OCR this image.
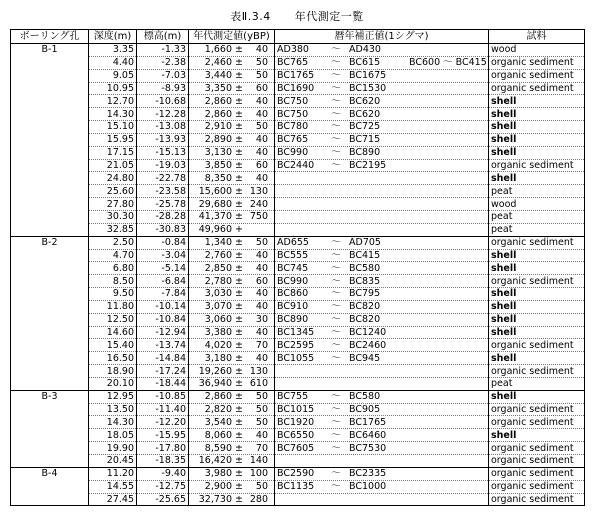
表Ⅱ.3.4 年代測定一覧
ボーリング孔	深度(m)	標高(m)	年代測定値(yBP)	暦年補正値(1シグマ)	試料
B-1	3.35	-1.33	1,660 ± 40	AD380 ～ AD430	wood
	4.40	-2.38	2,460 ± 50	BC765 ～ BC615 BC600 ～ BC415	organic sediment
	9.05	-7.03	3,440 ± 50	BC1765 ～ BC1675	organic sediment
	10.95	-8.93	3,350 ± 60	BC1690 ～ BC1530	organic sediment
	12.70	-10.68	2,860 ± 40	BC750 ～ BC620	shell
	14.30	-12.28	2,860 ± 40	BC750 ～ BC620	shell
	15.10	-13.08	2,910 ± 50	BC780 ～ BC725	shell
	15.95	-13.93	2,890 ± 40	BC765 ～ BC715	shell
	17.15	-15.13	3,130 ± 40	BC990 ～ BC890	shell
	21.05	-19.03	3,850 ± 60	BC2440 ～ BC2195	organic sediment
	24.80	-22.78	8,350 ± 40		shell
	25.60	-23.58	15,600 ± 130		peat
	27.80	-25.78	29,680 ± 240		wood
	30.30	-28.28	41,370 ± 750		peat
	32.85	-30.83	49,960 +		peat
B-2	2.50	-0.84	1,340 ± 50	AD655 ～ AD705	organic sediment
	4.70	-3.04	2,760 ± 40	BC555 ～ BC415	shell
	6.80	-5.14	2,850 ± 40	BC745 ～ BC580	shell
	8.50	-6.84	2,780 ± 60	BC990 ～ BC835	organic sediment
	9.50	-7.84	3,030 ± 40	BC860 ～ BC795	shell
	11.80	-10.14	3,070 ± 40	BC910 ～ BC820	shell
	12.50	-10.84	3,060 ± 30	BC890 ～ BC820	shell
	14.60	-12.94	3,380 ± 40	BC1345 ～ BC1240	shell
	15.40	-13.74	4,020 ± 70	BC2595 ～ BC2460	organic sediment
	16.50	-14.84	3,180 ± 40	BC1055 ～ BC945	shell
	18.90	-17.24	19,260 ± 130		organic sediment
	20.10	-18.44	36,940 ± 610		peat
B-3	12.95	-10.85	2,860 ± 50	BC755 ～ BC580	shell
	13.50	-11.40	2,820 ± 50	BC1015 ～ BC905	organic sediment
	14.30	-12.20	3,540 ± 50	BC1920 ～ BC1765	organic sediment
	18.05	-15.95	8,060 ± 40	BC6550 ～ BC6460	shell
	19.90	-17.80	8,590 ± 70	BC7605 ～ BC7530	organic sediment
	20.45	-18.35	16,420 ± 140		organic sediment
B-4	11.20	-9.40	3,980 ± 100	BC2590 ～ BC2335	organic sediment
	14.55	-12.75	2,900 ± 50	BC1135 ～ BC1000	organic sediment
	27.45	-25.65	32,730 ± 280		organic sediment
